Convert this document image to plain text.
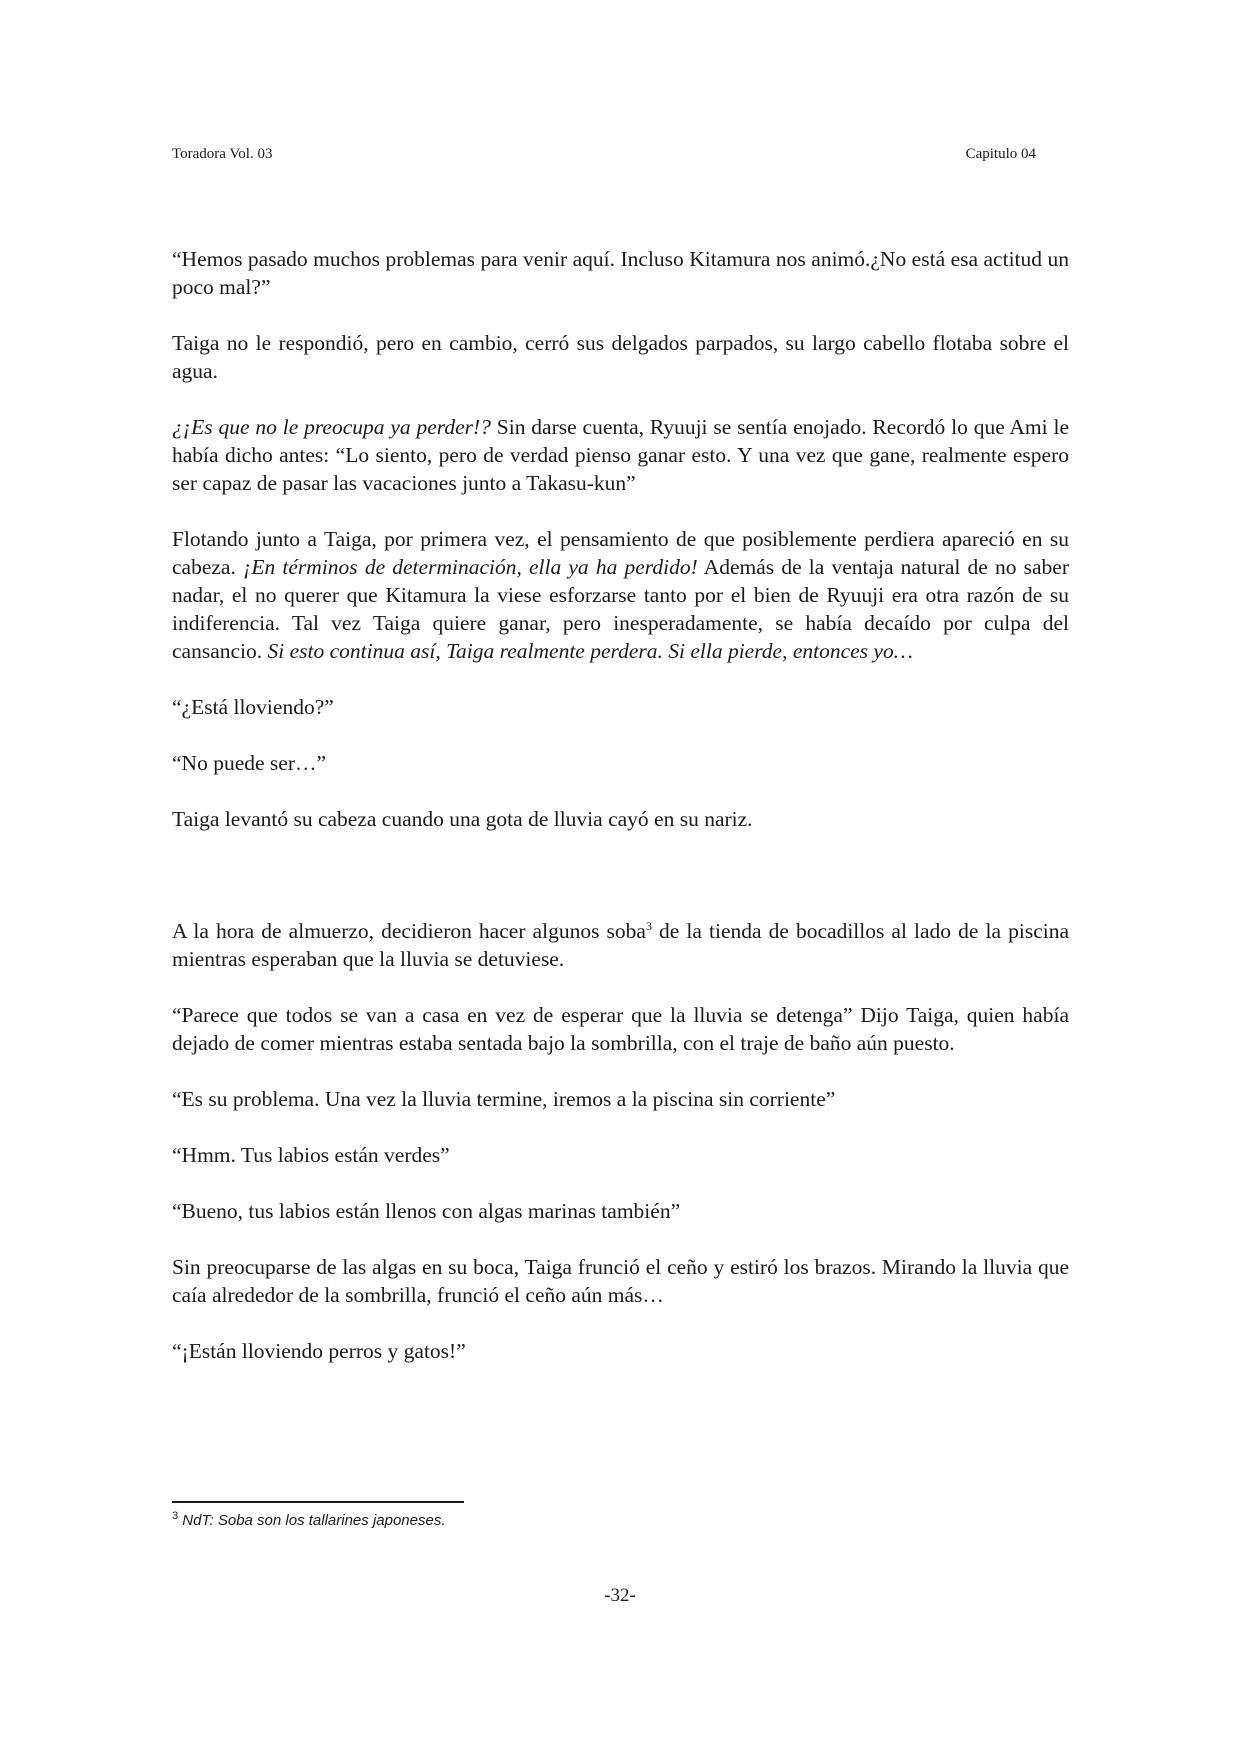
Toradora Vol. 03	Capitulo 04

“Hemos pasado muchos problemas para venir aquí. Incluso Kitamura nos animó.¿No está esa actitud un poco mal?”

Taiga no le respondió, pero en cambio, cerró sus delgados parpados, su largo cabello flotaba sobre el agua.

¿¡Es que no le preocupa ya perder!? Sin darse cuenta, Ryuuji se sentía enojado. Recordó lo que Ami le había dicho antes: “Lo siento, pero de verdad pienso ganar esto. Y una vez que gane, realmente espero ser capaz de pasar las vacaciones junto a Takasu-kun”

Flotando junto a Taiga, por primera vez, el pensamiento de que posiblemente perdiera apareció en su cabeza. ¡En términos de determinación, ella ya ha perdido! Además de la ventaja natural de no saber nadar, el no querer que Kitamura la viese esforzarse tanto por el bien de Ryuuji era otra razón de su indiferencia. Tal vez Taiga quiere ganar, pero inesperadamente, se había decaído por culpa del cansancio. Si esto continua así, Taiga realmente perdera. Si ella pierde, entonces yo…

“¿Está lloviendo?”

“No puede ser…”

Taiga levantó su cabeza cuando una gota de lluvia cayó en su nariz.

A la hora de almuerzo, decidieron hacer algunos soba$^3$ de la tienda de bocadillos al lado de la piscina mientras esperaban que la lluvia se detuviese.

“Parece que todos se van a casa en vez de esperar que la lluvia se detenga” Dijo Taiga, quien había dejado de comer mientras estaba sentada bajo la sombrilla, con el traje de baño aún puesto.

“Es su problema. Una vez la lluvia termine, iremos a la piscina sin corriente”

“Hmm. Tus labios están verdes”

“Bueno, tus labios están llenos con algas marinas también”

Sin preocuparse de las algas en su boca, Taiga frunció el ceño y estiró los brazos. Mirando la lluvia que caía alrededor de la sombrilla, frunció el ceño aún más…

“¡Están lloviendo perros y gatos!”

$^3$ NdT: Soba son los tallarines japoneses.
-32-
